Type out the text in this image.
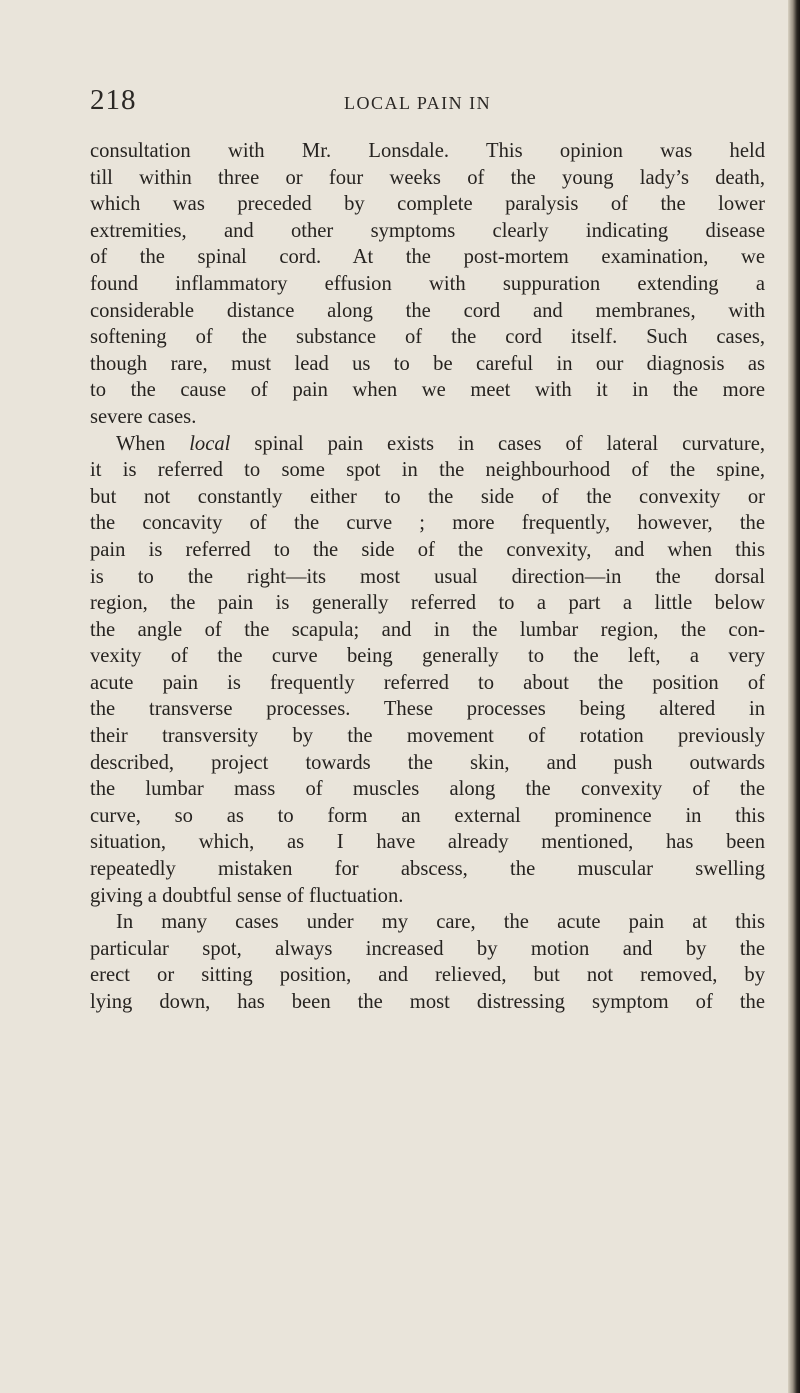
218	LOCAL PAIN IN
consultation with Mr. Lonsdale. This opinion was held
till within three or four weeks of the young lady’s death,
which was preceded by complete paralysis of the lower
extremities, and other symptoms clearly indicating disease
of the spinal cord. At the post-mortem examination, we
found inflammatory effusion with suppuration extending a
considerable distance along the cord and membranes, with
softening of the substance of the cord itself. Such cases,
though rare, must lead us to be careful in our diagnosis as
to the cause of pain when we meet with it in the more
severe cases.
When local spinal pain exists in cases of lateral curvature,
it is referred to some spot in the neighbourhood of the spine,
but not constantly either to the side of the convexity or
the concavity of the curve ; more frequently, however, the
pain is referred to the side of the convexity, and when this
is to the right—its most usual direction—in the dorsal
region, the pain is generally referred to a part a little below
the angle of the scapula; and in the lumbar region, the con-
vexity of the curve being generally to the left, a very
acute pain is frequently referred to about the position of
the transverse processes. These processes being altered in
their transversity by the movement of rotation previously
described, project towards the skin, and push outwards
the lumbar mass of muscles along the convexity of the
curve, so as to form an external prominence in this
situation, which, as I have already mentioned, has been
repeatedly mistaken for abscess, the muscular swelling
giving a doubtful sense of fluctuation.
In many cases under my care, the acute pain at this
particular spot, always increased by motion and by the
erect or sitting position, and relieved, but not removed, by
lying down, has been the most distressing symptom of the
